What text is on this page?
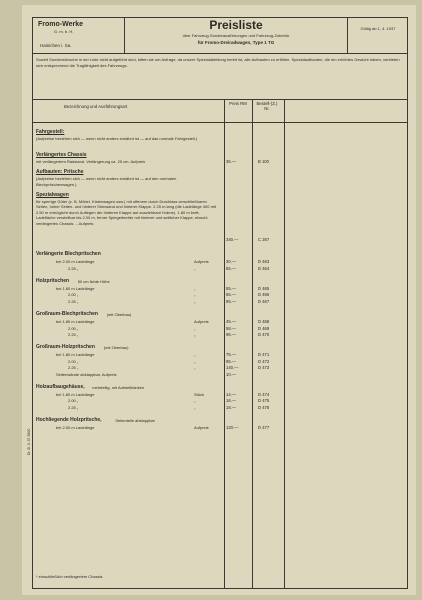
Fromo-Werke
G. m. b. H.
Hainichen i. Sa.
Preisliste
über Fahrzeug-Sonderausführungen und Fahrzeug-Zubehör
für Fromo-Dreiradwagen, Type 1 TG
Gültig ab 1. 4. 1937
Soweit Sonderwünsche in der Liste nicht aufgeführt sind, bitten wir um Anfrage, da unsere Spezialabteilung bereit ist, alle Aufbauten zu erfüllen. Spezialaufbauten, die ein erhöhtes Gewicht haben, verbieten sich entsprechend die Tragfähigkeit des Fahrzeugs.
Bezeichnung und Ausführungsart
Preis RM	Bestell-(Z.) Nr.
Fahrgestell:
(Aufpreise beziehen sich — wenn nicht anders erwähnt ist — auf das normale Fahrgestell.)
Verlängertes Chassis
mit verlängertem Radstand. Verlängerung ca. 25 cm. Aufpreis	35.—	B 100
Aufbauten: Pritsche
(Aufpreise beziehen sich — wenn nicht anders erwähnt ist — auf den normalen Blechpritschenwagen.)
Spezialwagen
für sperrige Güter (z. B. Möbel, Kistenwagen usw.) mit offenem durch Durchlass verschließbaren Seiten, hoher Seiten- und hinterer Stirnwand und hinterer Klappe. 2.25 m lang (die Ladelänge 400 mit 2.50 m ermöglicht durch Auflegen der hinteren Klappe auf ausziehbare Holme). 1.80 m breit, Ladefläche verstellbar bis 2.00 m, ferner Spiegelbretter mit hinterer und seitlicher Klappe, einschl. verlängertes Chassis ... Aufpreis
340.—	C 267
Verlängerte Blechpritschen
bei 2.00 m Ladelänge	Aufpreis	30.—	D 463
2.25 „	„	65.—	D 464
Holzpritschen 50 cm lichte Höhe
bei 1.80 m Ladelänge	„	55.—	D 465
2.00 „	„	55.—	D 466
2.25 „	„	95.—	D 467
Großraum-Blechpritschen (mit Oberbau)
bei 1.80 m Ladelänge	Aufpreis	45.—	D 468
2.00 „	„	58.—	D 469
2.25 „	„	96.—	D 470
Großraum-Holzpritschen (mit Oberbau)
bei 1.80 m Ladelänge	„	75.—	D 471
2.00 „	„	95.—	D 472
2.25 „	„	140.—	D 473
Seitenwände abklappbar, Aufpreis	10.—
Holzaufbaugehäuse, mehrteilig, mit Aufstellbänken
bei 1.80 m Ladelänge	Stück	14.—	D 474
2.00 „	„	16.—	D 475
2.25 „	„	18.—	D 476
Hochliegende Holzpritsche,	Seitenteile abklappbar
bei 2.00 m Ladelänge	Aufpreis	120.—	D 477
* einschließlich verlängertem Chassis
Dr. B. 3. 37 2500
